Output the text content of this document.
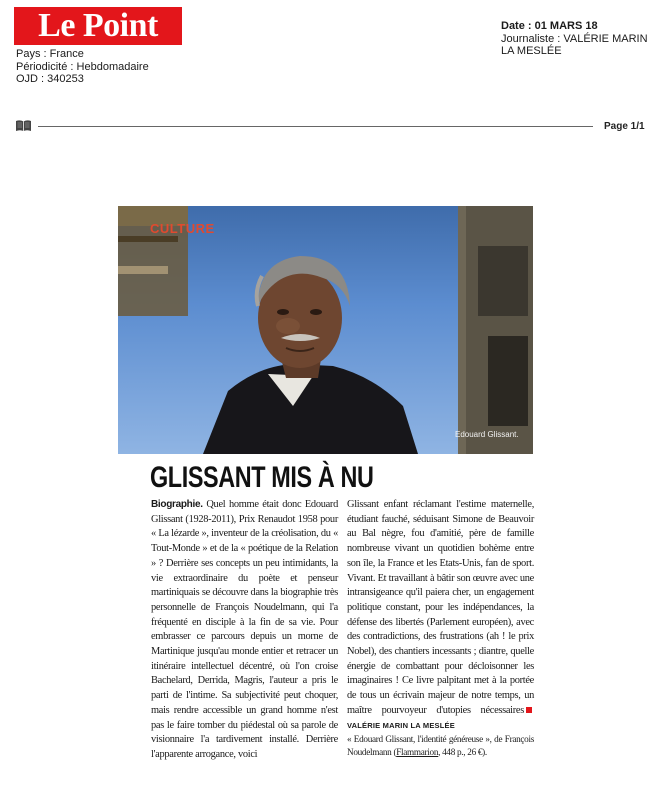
Le Point
Pays : France
Périodicité : Hebdomadaire
OJD : 340253
Date : 01 MARS 18
Journaliste : VALÉRIE MARIN
LA MESLÉE
Page 1/1
CULTURE
Edouard Glissant.
GLISSANT MIS À NU

Biographie. Quel homme était donc Edouard Glissant (1928-2011), Prix Renaudot 1958 pour « La lézarde », inventeur de la créolisation, du « Tout-Monde » et de la « poétique de la Relation » ? Derrière ses concepts un peu intimidants, la vie extraordinaire du poète et penseur martiniquais se découvre dans la biographie très personnelle de François Noudelmann, qui l'a fréquenté en disciple à la fin de sa vie. Pour embrasser ce parcours depuis un morne de Martinique jusqu'au monde entier et retracer un itinéraire intellectuel décentré, où l'on croise Bachelard, Derrida, Magris, l'auteur a pris le parti de l'intime. Sa subjectivité peut choquer, mais rendre accessible un grand homme n'est pas le faire tomber du piédestal où sa parole de visionnaire l'a tardivement installé. Derrière l'apparente arrogance, voici

Glissant enfant réclamant l'estime maternelle, étudiant fauché, séduisant Simone de Beauvoir au Bal nègre, fou d'amitié, père de famille nombreuse vivant un quotidien bohème entre son île, la France et les Etats-Unis, fan de sport. Vivant. Et travaillant à bâtir son œuvre avec une intransigeance qu'il paiera cher, un engagement politique constant, pour les indépendances, la défense des libertés (Parlement européen), avec des contradictions, des frustrations (ah ! le prix Nobel), des chantiers incessants ; diantre, quelle énergie de combattant pour décloisonner les imaginaires ! Ce livre palpitant met à la portée de tous un écrivain majeur de notre temps, un maître pourvoyeur d'utopies nécessairesVALÉRIE MARIN LA MESLÉE

« Edouard Glissant, l'identité généreuse », de François Noudelmann (Flammarion, 448 p., 26 €).
